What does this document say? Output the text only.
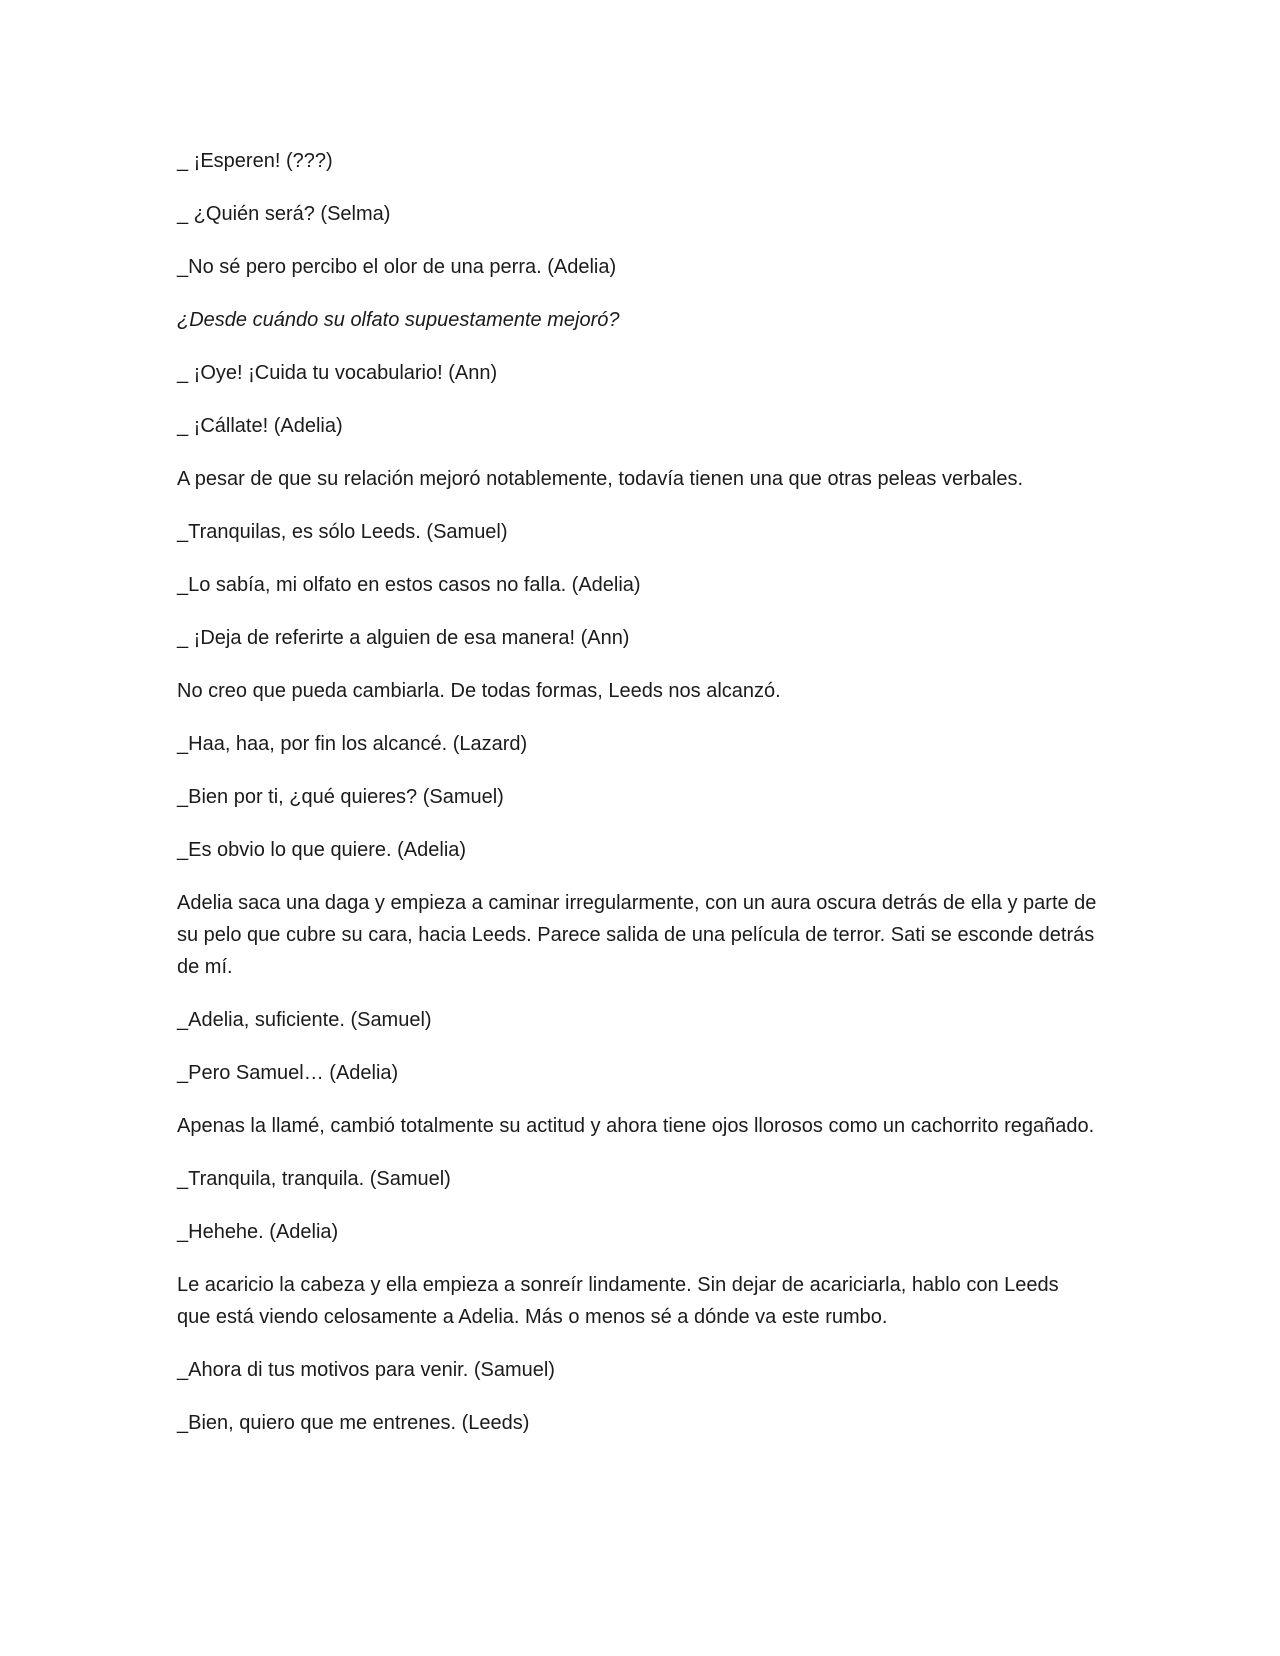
_ ¡Esperen! (???)

_ ¿Quién será? (Selma)

_No sé pero percibo el olor de una perra. (Adelia)

¿Desde cuándo su olfato supuestamente mejoró?

_ ¡Oye! ¡Cuida tu vocabulario! (Ann)

_ ¡Cállate! (Adelia)

A pesar de que su relación mejoró notablemente, todavía tienen una que otras peleas verbales.

_Tranquilas, es sólo Leeds. (Samuel)

_Lo sabía, mi olfato en estos casos no falla. (Adelia)

_ ¡Deja de referirte a alguien de esa manera! (Ann)

No creo que pueda cambiarla. De todas formas, Leeds nos alcanzó.

_Haa, haa, por fin los alcancé. (Lazard)

_Bien por ti, ¿qué quieres? (Samuel)

_Es obvio lo que quiere. (Adelia)

Adelia saca una daga y empieza a caminar irregularmente, con un aura oscura detrás de ella y parte de su pelo que cubre su cara, hacia Leeds. Parece salida de una película de terror. Sati se esconde detrás de mí.

_Adelia, suficiente. (Samuel)

_Pero Samuel… (Adelia)

Apenas la llamé, cambió totalmente su actitud y ahora tiene ojos llorosos como un cachorrito regañado.

_Tranquila, tranquila. (Samuel)

_Hehehe. (Adelia)

Le acaricio la cabeza y ella empieza a sonreír lindamente. Sin dejar de acariciarla, hablo con Leeds que está viendo celosamente a Adelia. Más o menos sé a dónde va este rumbo.

_Ahora di tus motivos para venir. (Samuel)

_Bien, quiero que me entrenes. (Leeds)
